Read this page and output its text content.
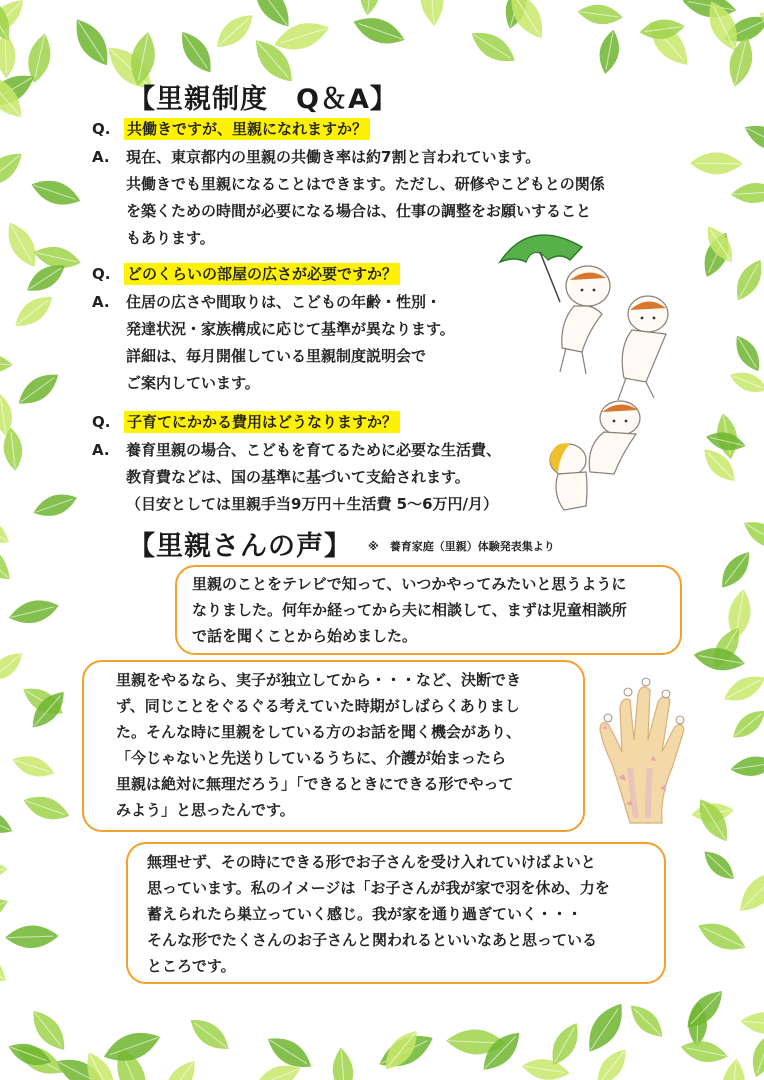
【里親制度　Q＆A】
Q. 共働きですが、里親になれますか？
A. 現在、東京都内の里親の共働き率は約7割と言われています。
共働きでも里親になることはできます。ただし、研修やこどもとの関係
を築くための時間が必要になる場合は、仕事の調整をお願いすること
もあります。
Q. どのくらいの部屋の広さが必要ですか？
A. 住居の広さや間取りは、こどもの年齢・性別・
発達状況・家族構成に応じて基準が異なります。
詳細は、毎月開催している里親制度説明会で
ご案内しています。
Q. 子育てにかかる費用はどうなりますか？
A. 養育里親の場合、こどもを育てるために必要な生活費、
教育費などは、国の基準に基づいて支給されます。
（目安としては里親手当9万円＋生活費 5～6万円/月）
【里親さんの声】 ※　養育家庭（里親）体験発表集より
里親のことをテレビで知って、いつかやってみたいと思うように
なりました。何年か経ってから夫に相談して、まずは児童相談所
で話を聞くことから始めました。
里親をやるなら、実子が独立してから・・・など、決断でき
ず、同じことをぐるぐる考えていた時期がしばらくありまし
た。そんな時に里親をしている方のお話を聞く機会があり、
「今じゃないと先送りしているうちに、介護が始まったら
里親は絶対に無理だろう」「できるときにできる形でやって
みよう」と思ったんです。
無理せず、その時にできる形でお子さんを受け入れていけばよいと
思っています。私のイメージは「お子さんが我が家で羽を休め、力を
蓄えられたら巣立っていく感じ。我が家を通り過ぎていく・・・
そんな形でたくさんのお子さんと関われるといいなあと思っている
ところです。
